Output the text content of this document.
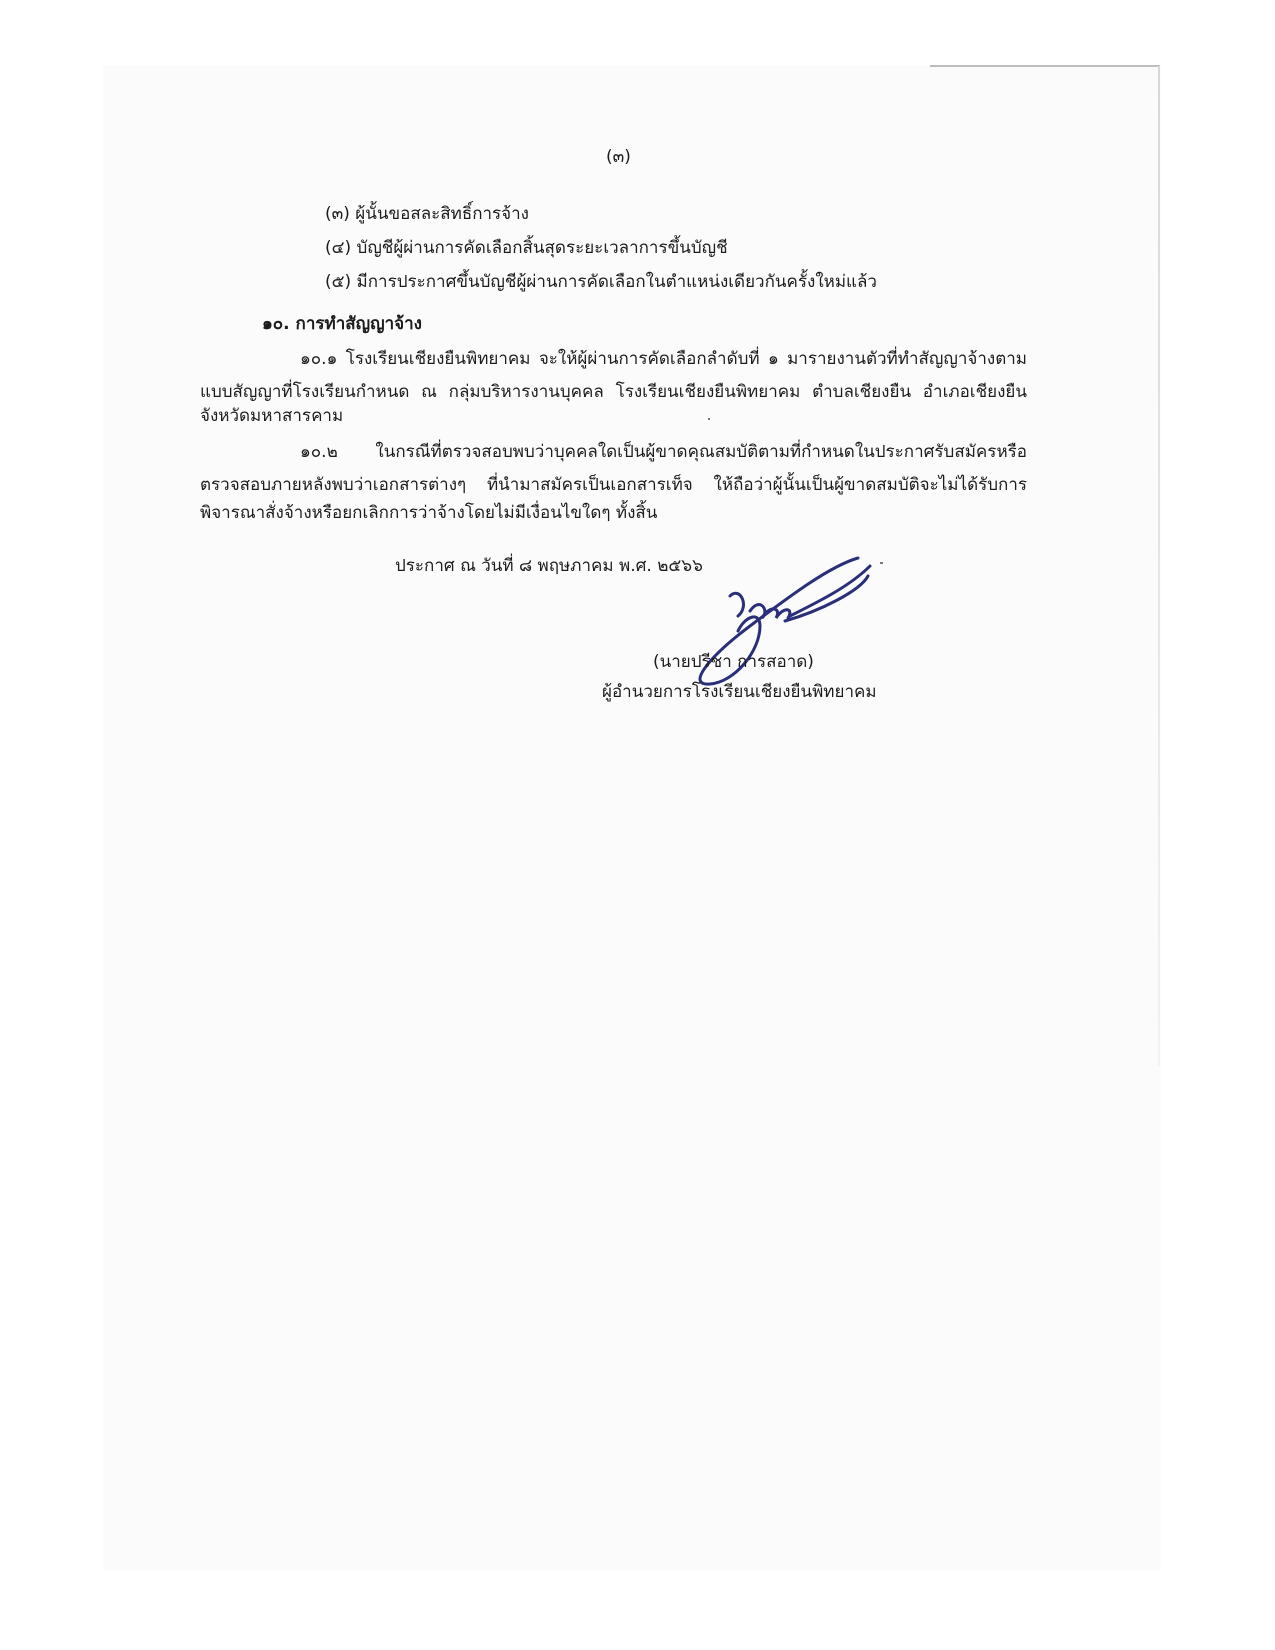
(๓)
(๓) ผู้นั้นขอสละสิทธิ์การจ้าง
(๔) บัญชีผู้ผ่านการคัดเลือกสิ้นสุดระยะเวลาการขึ้นบัญชี
(๕) มีการประกาศขึ้นบัญชีผู้ผ่านการคัดเลือกในตำแหน่งเดียวกันครั้งใหม่แล้ว
๑๐. การทำสัญญาจ้าง
๑๐.๑ โรงเรียนเชียงยืนพิทยาคม จะให้ผู้ผ่านการคัดเลือกลำดับที่ ๑ มารายงานตัวที่ทำสัญญาจ้างตาม
แบบสัญญาที่โรงเรียนกำหนด ณ กลุ่มบริหารงานบุคคล โรงเรียนเชียงยืนพิทยาคม ตำบลเชียงยืน อำเภอเชียงยืน
จังหวัดมหาสารคาม
๑๐.๒ ในกรณีที่ตรวจสอบพบว่าบุคคลใดเป็นผู้ขาดคุณสมบัติตามที่กำหนดในประกาศรับสมัครหรือ
ตรวจสอบภายหลังพบว่าเอกสารต่างๆ ที่นำมาสมัครเป็นเอกสารเท็จ ให้ถือว่าผู้นั้นเป็นผู้ขาดสมบัติจะไม่ได้รับการ
พิจารณาสั่งจ้างหรือยกเลิกการว่าจ้างโดยไม่มีเงื่อนไขใดๆ ทั้งสิ้น
ประกาศ ณ วันที่ ๘ พฤษภาคม พ.ศ. ๒๕๖๖
(นายปรีชา การสอาด)
ผู้อำนวยการโรงเรียนเชียงยืนพิทยาคม
